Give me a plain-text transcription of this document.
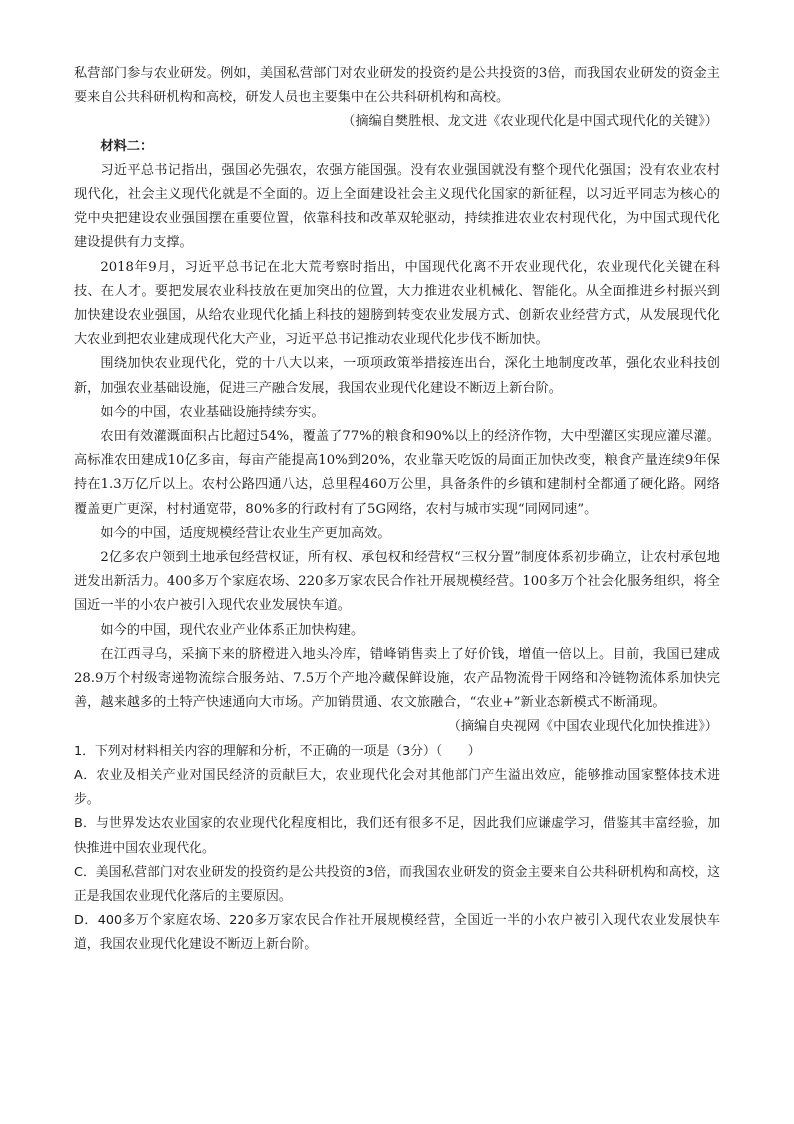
私营部门参与农业研发。例如，美国私营部门对农业研发的投资约是公共投资的3倍，而我国农业研发的资金主要来自公共科研机构和高校，研发人员也主要集中在公共科研机构和高校。

（摘编自樊胜根、龙文进《农业现代化是中国式现代化的关键》）

材料二：

习近平总书记指出，强国必先强农，农强方能国强。没有农业强国就没有整个现代化强国；没有农业农村现代化，社会主义现代化就是不全面的。迈上全面建设社会主义现代化国家的新征程，以习近平同志为核心的党中央把建设农业强国摆在重要位置，依靠科技和改革双轮驱动，持续推进农业农村现代化，为中国式现代化建设提供有力支撑。

2018年9月，习近平总书记在北大荒考察时指出，中国现代化离不开农业现代化，农业现代化关键在科技、在人才。要把发展农业科技放在更加突出的位置，大力推进农业机械化、智能化。从全面推进乡村振兴到加快建设农业强国，从给农业现代化插上科技的翅膀到转变农业发展方式、创新农业经营方式，从发展现代化大农业到把农业建成现代化大产业，习近平总书记推动农业现代化步伐不断加快。

围绕加快农业现代化，党的十八大以来，一项项政策举措接连出台，深化土地制度改革，强化农业科技创新，加强农业基础设施，促进三产融合发展，我国农业现代化建设不断迈上新台阶。

如今的中国，农业基础设施持续夯实。

农田有效灌溉面积占比超过54%，覆盖了77%的粮食和90%以上的经济作物，大中型灌区实现应灌尽灌。高标准农田建成10亿多亩，每亩产能提高10%到20%，农业靠天吃饭的局面正加快改变，粮食产量连续9年保持在1.3万亿斤以上。农村公路四通八达，总里程460万公里，具备条件的乡镇和建制村全都通了硬化路。网络覆盖更广更深，村村通宽带，80%多的行政村有了5G网络，农村与城市实现“同网同速”。

如今的中国，适度规模经营让农业生产更加高效。

2亿多农户领到土地承包经营权证，所有权、承包权和经营权“三权分置”制度体系初步确立，让农村承包地迸发出新活力。400多万个家庭农场、220多万家农民合作社开展规模经营。100多万个社会化服务组织，将全国近一半的小农户被引入现代农业发展快车道。

如今的中国，现代农业产业体系正加快构建。

在江西寻乌，采摘下来的脐橙进入地头冷库，错峰销售卖上了好价钱，增值一倍以上。目前，我国已建成28.9万个村级寄递物流综合服务站、7.5万个产地冷藏保鲜设施，农产品物流骨干网络和冷链物流体系加快完善，越来越多的土特产快速通向大市场。产加销贯通、农文旅融合，“农业+”新业态新模式不断涌现。

（摘编自央视网《中国农业现代化加快推进》）

1．下列对材料相关内容的理解和分析，不正确的一项是（3分）（　　）

A．农业及相关产业对国民经济的贡献巨大，农业现代化会对其他部门产生溢出效应，能够推动国家整体技术进步。

B．与世界发达农业国家的农业现代化程度相比，我们还有很多不足，因此我们应谦虚学习，借鉴其丰富经验，加快推进中国农业现代化。

C．美国私营部门对农业研发的投资约是公共投资的3倍，而我国农业研发的资金主要来自公共科研机构和高校，这正是我国农业现代化落后的主要原因。

D．400多万个家庭农场、220多万家农民合作社开展规模经营，全国近一半的小农户被引入现代农业发展快车道，我国农业现代化建设不断迈上新台阶。
